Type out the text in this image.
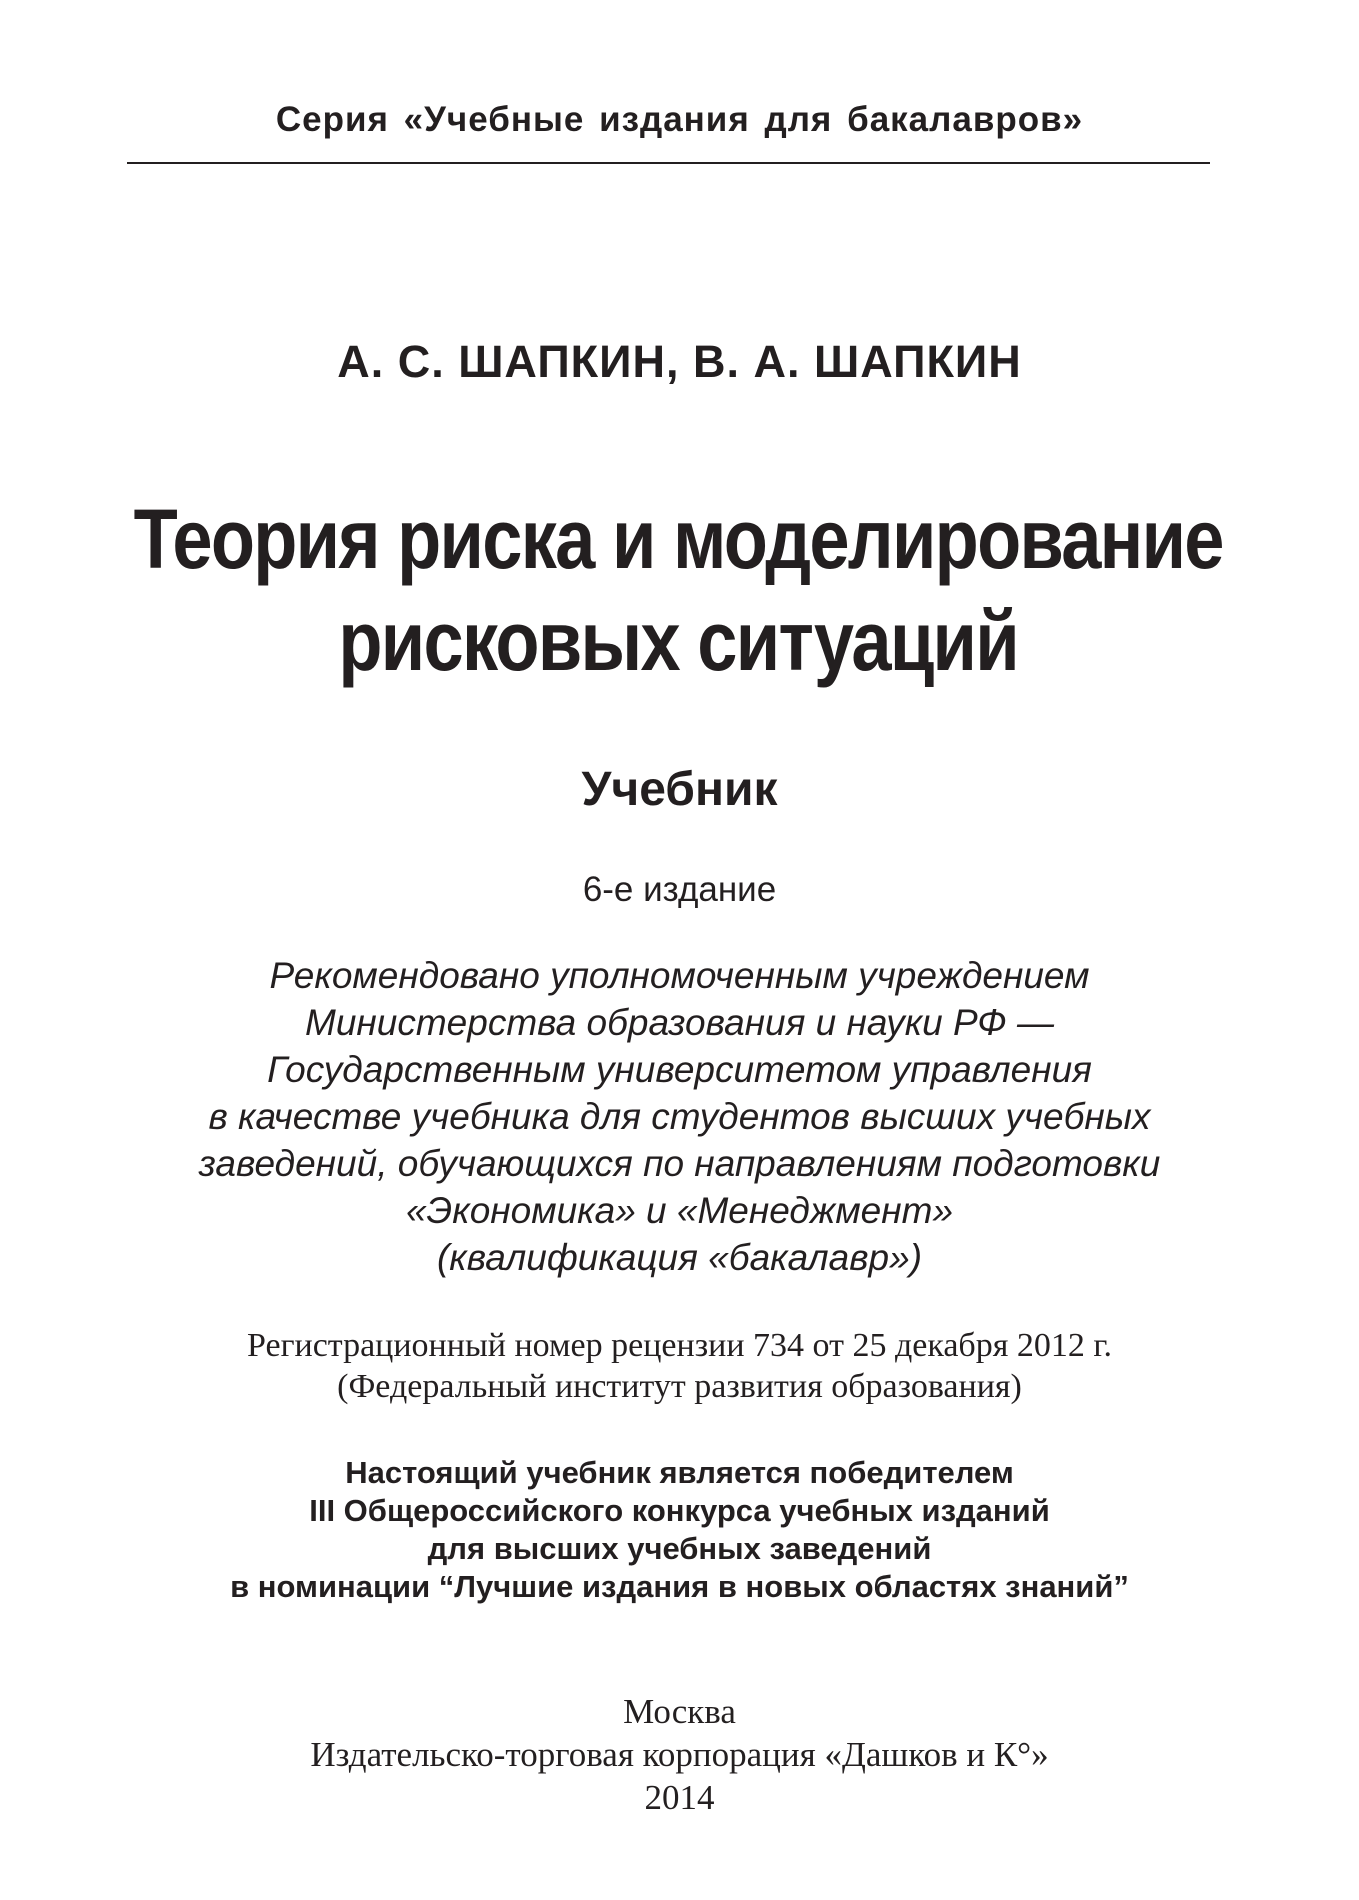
Серия «Учебные издания для бакалавров»
А. С. ШАПКИН, В. А. ШАПКИН
Теория риска и моделирование
рисковых ситуаций
Учебник
6-е издание
Рекомендовано уполномоченным учреждением
Министерства образования и науки РФ —
Государственным университетом управления
в качестве учебника для студентов высших учебных
заведений, обучающихся по направлениям подготовки
«Экономика» и «Менеджмент»
(квалификация «бакалавр»)
Регистрационный номер рецензии 734 от 25 декабря 2012 г.
(Федеральный институт развития образования)
Настоящий учебник является победителем
III Общероссийского конкурса учебных изданий
для высших учебных заведений
в номинации “Лучшие издания в новых областях знаний”
Москва
Издательско-торговая корпорация «Дашков и К°»
2014
